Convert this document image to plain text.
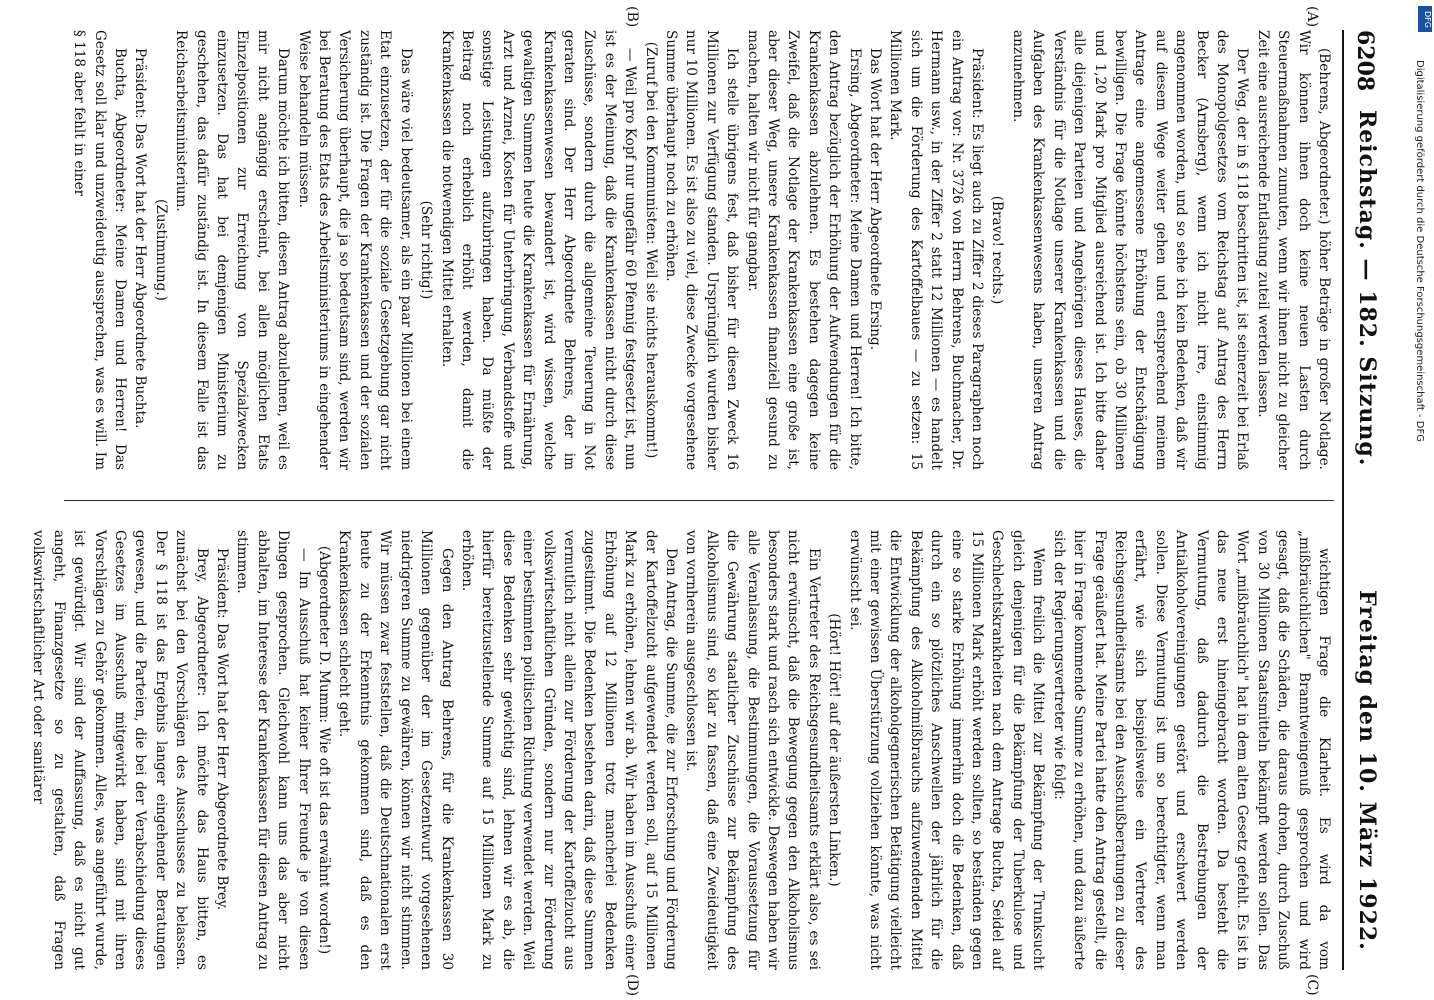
6208
Reichstag. — 182. Sitzung.
Freitag den 10. März 1922.
(A)
(B)
(C)
(D)

(Behrens, Abgeordneter.) höher Beträge in großer Notlage. Wir können ihnen doch keine neuen Lasten durch Steuermaßnahmen zumuten, wenn wir ihnen nicht zu gleicher Zeit eine ausreichende Entlastung zuteil werden lassen.

Der Weg, der in § 118 beschritten ist, ist seinerzeit bei Erlaß des Monopolgesetzes vom Reichstag auf Antrag des Herrn Becker (Arnsberg), wenn ich nicht irre, einstimmig angenommen worden, und so sehe ich kein Bedenken, daß wir auf diesem Wege weiter gehen und entsprechend meinem Antrage eine angemessene Erhöhung der Entschädigung bewilligen. Die Frage könnte höchstens sein, ob 30 Millionen und 1,20 Mark pro Mitglied ausreichend ist. Ich bitte daher alle diejenigen Parteien und Angehörigen dieses Hauses, die Verständnis für die Notlage unserer Krankenkassen und die Aufgaben des Krankenkassenwesens haben, unseren Antrag anzunehmen.

(Bravo! rechts.)

Präsident: Es liegt auch zu Ziffer 2 dieses Paragraphen noch ein Antrag vor: Nr. 3726 von Herrn Behrens, Buchmacher, Dr. Hermann usw., in der Ziffer 2 statt 12 Millionen — es handelt sich um die Förderung des Kartoffelbaues — zu setzen: 15 Millionen Mark.

Das Wort hat der Herr Abgeordnete Ersing.

Ersing, Abgeordneter: Meine Damen und Herren! Ich bitte, den Antrag bezüglich der Erhöhung der Aufwendungen für die Krankenkassen abzulehnen. Es bestehen dagegen keine Zweifel, daß die Notlage der Krankenkassen eine große ist, aber dieser Weg, unsere Krankenkassen finanziell gesund zu machen, halten wir nicht für gangbar.

Ich stelle übrigens fest, daß bisher für diesen Zweck 16 Millionen zur Verfügung standen. Ursprünglich wurden bisher nur 10 Millionen. Es ist also zu viel, diese Zwecke vorgesehene Summe überhaupt noch zu erhöhen.

(Zuruf bei den Kommunisten: Weil sie nichts herauskommt!)

— Weil pro Kopf nur ungefähr 60 Pfennig festgesetzt ist, nun ist es der Meinung, daß die Krankenkassen nicht durch diese Zuschüsse, sondern durch die allgemeine Teuerung in Not geraten sind. Der Herr Abgeordnete Behrens, der im Krankenkassenwesen bewandert ist, wird wissen, welche gewaltigen Summen heute die Krankenkassen für Ernährung, Arzt und Arznei, Kosten für Unterbringung, Verbandstoffe und sonstige Leistungen aufzubringen haben. Da müßte der Beitrag noch erheblich erhöht werden, damit die Krankenkassen die notwendigen Mittel erhalten.

(Sehr richtig!)

Das wäre viel bedeutsamer, als ein paar Millionen bei einem Etat einzusetzen, der für die soziale Gesetzgebung gar nicht zuständig ist. Die Fragen der Krankenkassen und der sozialen Versicherung überhaupt, die ja so bedeutsam sind, werden wir bei Beratung des Etats des Arbeitsministeriums in eingehender Weise behandeln müssen.

Darum möchte ich bitten, diesen Antrag abzulehnen, weil es mir nicht angängig erscheint, bei allen möglichen Etats Einzelpositionen zur Erreichung von Spezialzwecken einzusetzen. Das hat bei demjenigen Ministerium zu geschehen, das dafür zuständig ist. In diesem Falle ist das Reichsarbeitsministerium.

(Zustimmung.)

Präsident: Das Wort hat der Herr Abgeordnete Buchta.

Buchta, Abgeordneter: Meine Damen und Herren! Das Gesetz soll klar und unzweideutig aussprechen, was es will. Im § 118 aber fehlt in einer

wichtigen Frage die Klarheit. Es wird da vom „mißbräuchlichen" Branntweingenuß gesprochen und wird gesagt, daß die Schäden, die daraus drohen, durch Zuschuß von 30 Millionen Staatsmitteln bekämpft werden sollen. Das Wort „mißbräuchlich" hat in dem alten Gesetz gefehlt. Es ist in das neue erst hineingebracht worden. Da besteht die Vermutung, daß dadurch die Bestrebungen der Antialkoholvereinigungen gestört und erschwert werden sollen. Diese Vermutung ist um so berechtigter, wenn man erfährt, wie sich beispielsweise ein Vertreter des Reichsgesundheitsamts bei den Ausschußberatungen zu dieser Frage geäußert hat. Meine Partei hatte den Antrag gestellt, die hier in Frage kommende Summe zu erhöhen, und dazu äußerte sich der Regierungsvertreter wie folgt:

Wenn freilich die Mittel zur Bekämpfung der Trunksucht gleich denjenigen für die Bekämpfung der Tuberkulose und Geschlechtskrankheiten nach dem Antrage Buchta, Seidel auf 15 Millionen Mark erhöht werden sollten, so beständen gegen eine so starke Erhöhung immerhin doch die Bedenken, daß durch ein so plötzliches Anschwellen der jährlich für die Bekämpfung des Alkoholmißbrauchs aufzuwendenden Mittel die Entwicklung der alkoholgegnerischen Betätigung vielleicht mit einer gewissen Überstürzung vollziehen könnte, was nicht erwünscht sei.

(Hört! Hört! auf der äußersten Linken.)

Ein Vertreter des Reichsgesundheitsamts erklärt also, es sei nicht erwünscht, daß die Bewegung gegen den Alkoholismus besonders stark und rasch sich entwickle. Deswegen haben wir alle Veranlassung, die Bestimmungen, die Voraussetzung für die Gewährung staatlicher Zuschüsse zur Bekämpfung des Alkoholismus sind, so klar zu fassen, daß eine Zweideutigkeit von vornherein ausgeschlossen ist.

Den Antrag, die Summe, die zur Erforschung und Förderung der Kartoffelzucht aufgewendet werden soll, auf 15 Millionen Mark zu erhöhen, lehnen wir ab. Wir haben im Ausschuß einer Erhöhung auf 12 Millionen trotz mancherlei Bedenken zugestimmt. Die Bedenken bestehen darin, daß diese Summen vermutlich nicht allein zur Förderung der Kartoffelzucht aus volkswirtschaftlichen Gründen, sondern nur zur Förderung einer bestimmten politischen Richtung verwendet werden. Weil diese Bedenken sehr gewichtig sind, lehnen wir es ab, die hierfür bereitzustellende Summe auf 15 Millionen Mark zu erhöhen.

Gegen den Antrag Behrens, für die Krankenkassen 30 Millionen gegenüber der im Gesetzentwurf vorgesehenen niedrigeren Summe zu gewähren, können wir nicht stimmen. Wir müssen zwar feststellen, daß die Deutschnationalen erst heute zu der Erkenntnis gekommen sind, daß es den Krankenkassen schlecht geht.

(Abgeordneter D. Mumm: Wie oft ist das erwähnt worden!)

— Im Ausschuß hat keiner Ihrer Freunde je von diesen Dingen gesprochen. Gleichwohl kann uns das aber nicht abhalten, im Interesse der Krankenkassen für diesen Antrag zu stimmen.

Präsident: Das Wort hat der Herr Abgeordnete Brey.

Brey, Abgeordneter: Ich möchte das Haus bitten, es zunächst bei den Vorschlägen des Ausschusses zu belassen. Der § 118 ist das Ergebnis langer eingehender Beratungen gewesen, und die Parteien, die bei der Verabschiedung dieses Gesetzes im Ausschuß mitgewirkt haben, sind mit ihren Vorschlägen zu Gehör gekommen. Alles, was angeführt wurde, ist gewürdigt. Wir sind der Auffassung, daß es nicht gut angeht, Finanzgesetze so zu gestalten, daß Fragen volkswirtschaftlicher Art oder sanitärer

Digitalisierung gefördert durch die Deutsche Forschungsgemeinschaft - DFG
DFG
